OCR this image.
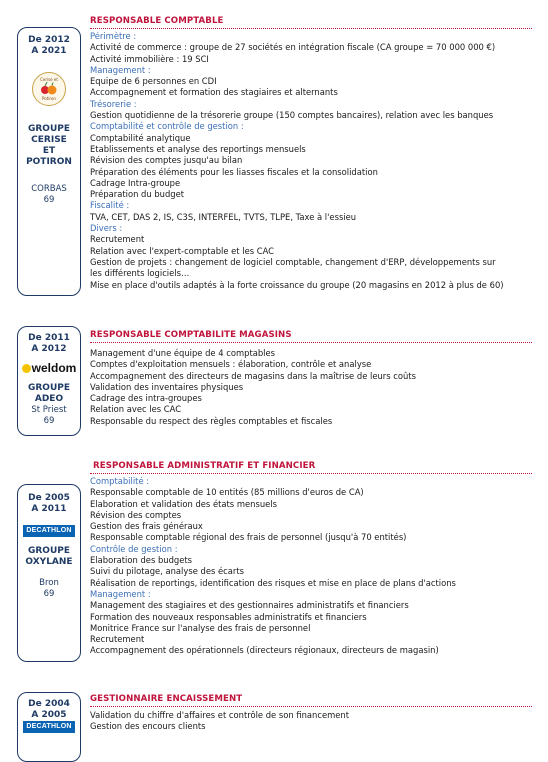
De 2012
A 2021
Cerise et
Potiron
GROUPE
CERISE
ET
POTIRON
CORBAS
69
RESPONSABLE COMPTABLE
Périmètre :
Activité de commerce : groupe de 27 sociétés en intégration fiscale (CA groupe = 70 000 000 €)
Activité immobilière : 19 SCI
Management :
Equipe de 6 personnes en CDI
Accompagnement et formation des stagiaires et alternants
Trésorerie :
Gestion quotidienne de la trésorerie groupe (150 comptes bancaires), relation avec les banques
Comptabilité et contrôle de gestion :
Comptabilité analytique
Etablissements et analyse des reportings mensuels
Révision des comptes jusqu'au bilan
Préparation des éléments pour les liasses fiscales et la consolidation
Cadrage Intra-groupe
Préparation du budget
Fiscalité :
TVA, CET, DAS 2, IS, C3S, INTERFEL, TVTS, TLPE, Taxe à l'essieu
Divers :
Recrutement
Relation avec l'expert-comptable et les CAC
Gestion de projets : changement de logiciel comptable, changement d'ERP, développements sur les différents logiciels…
Mise en place d'outils adaptés à la forte croissance du groupe (20 magasins en 2012 à plus de 60)
De 2011
A 2012
weldom
GROUPE
ADEO
St Priest
69
RESPONSABLE COMPTABILITE MAGASINS
Management d'une équipe de 4 comptables
Comptes d'exploitation mensuels : élaboration, contrôle et analyse
Accompagnement des directeurs de magasins dans la maîtrise de leurs coûts
Validation des inventaires physiques
Cadrage des intra-groupes
Relation avec les CAC
Responsable du respect des règles comptables et fiscales
De 2005
A 2011
DECATHLON
GROUPE
OXYLANE
Bron
69
RESPONSABLE ADMINISTRATIF ET FINANCIER
Comptabilité :
Responsable comptable de 10 entités (85 millions d'euros de CA)
Elaboration et validation des états mensuels
Révision des comptes
Gestion des frais généraux
Responsable comptable régional des frais de personnel (jusqu'à 70 entités)
Contrôle de gestion :
Elaboration des budgets
Suivi du pilotage, analyse des écarts
Réalisation de reportings, identification des risques et mise en place de plans d'actions
Management :
Management des stagiaires et des gestionnaires administratifs et financiers
Formation des nouveaux responsables administratifs et financiers
Monitrice France sur l'analyse des frais de personnel
Recrutement
Accompagnement des opérationnels (directeurs régionaux, directeurs de magasin)
De 2004
A 2005
DECATHLON
GESTIONNAIRE ENCAISSEMENT
Validation du chiffre d'affaires et contrôle de son financement
Gestion des encours clients
